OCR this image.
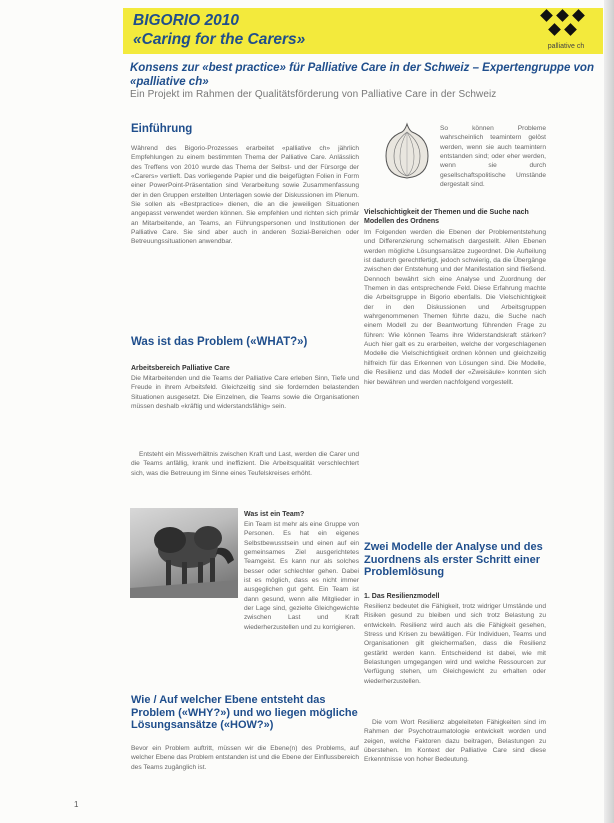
BIGORIO 2010
«Caring for the Carers»	palliative ch
Konsens zur «best practice» für Palliative Care in der Schweiz – Expertengruppe von «palliative ch»
Ein Projekt im Rahmen der Qualitätsförderung von Palliative Care in der Schweiz
Einführung
Während des Bigorio-Prozesses erarbeitet «palliative ch» jährlich Empfehlungen zu einem bestimmten Thema der Palliative Care. Anlässlich des Treffens von 2010 wurde das Thema der Selbst- und der Fürsorge der «Carers» vertieft. Das vorliegende Papier und die beigefügten Folien in Form einer PowerPoint-Präsentation sind Verarbeitung sowie Zusammenfassung der in den Gruppen erstellten Unterlagen sowie der Diskussionen im Plenum. Sie sollen als «Bestpractice» dienen, die an die jeweiligen Situationen angepasst verwendet werden können. Sie empfehlen und richten sich primär an Mitarbeitende, an Teams, an Führungspersonen und Institutionen der Palliative Care. Sie sind aber auch in anderen Sozial-Bereichen oder Betreuungssituationen anwendbar.
Was ist das Problem («WHAT?»)
Arbeitsbereich Palliative Care
Die Mitarbeitenden und die Teams der Palliative Care erleben Sinn, Tiefe und Freude in ihrem Arbeitsfeld. Gleichzeitig sind sie fordernden belastenden Situationen ausgesetzt. Die Einzelnen, die Teams sowie die Organisationen müssen deshalb «kräftig und widerstandsfähig» sein.
Entsteht ein Missverhältnis zwischen Kraft und Last, werden die Carer und die Teams anfällig, krank und ineffizient. Die Arbeitsqualität verschlechtert sich, was die Betreuung im Sinne eines Teufelskreises erhöht.
Was ist ein Team?
Ein Team ist mehr als eine Gruppe von Personen. Es hat ein eigenes Selbstbewusstsein und einen auf ein gemeinsames Ziel ausgerichtetes Teamgeist. Es kann nur als solches besser oder schlechter gehen. Dabei ist es möglich, dass es nicht immer ausgeglichen gut geht. Ein Team ist dann gesund, wenn alle Mitglieder in der Lage sind, gezielte Gleichgewichte zwischen Last und Kraft wiederherzustellen und zu korrigieren.
Wie / Auf welcher Ebene entsteht das Problem («WHY?») und wo liegen mögliche Lösungsansätze («HOW?»)
Bevor ein Problem auftritt, müssen wir die Ebene(n) des Problems, auf welcher Ebene das Problem entstanden ist und die Ebene der Einflussbereich des Teams zugänglich ist.
So können Probleme wahrscheinlich teamintern gelöst werden, wenn sie auch teamintern entstanden sind; oder eher werden, wenn sie durch gesellschaftspolitische Umstände dergestalt sind.
Vielschichtigkeit der Themen und die Suche nach Modellen des Ordnens
Im Folgenden werden die Ebenen der Problementstehung und Differenzierung schematisch dargestellt. Allen Ebenen werden mögliche Lösungsansätze zugeordnet. Die Aufteilung ist dadurch gerechtfertigt, jedoch schwierig, da die Übergänge zwischen der Entstehung und der Manifestation sind fließend. Dennoch bewährt sich eine Analyse und Zuordnung der Themen in das entsprechende Feld. Diese Erfahrung machte die Arbeitsgruppe in Bigorio ebenfalls. Die Vielschichtigkeit der in den Diskussionen und Arbeitsgruppen wahrgenommenen Themen führte dazu, die Suche nach einem Modell zu der Beantwortung führenden Frage zu führen: Wie können Teams ihre Widerstandskraft stärken? Auch hier galt es zu erarbeiten, welche der vorgeschlagenen Modelle die Vielschichtigkeit ordnen können und gleichzeitig hilfreich für das Erkennen von Lösungen sind. Die Modelle, die Resilienz und das Modell der «Zweisäule» konnten sich hier bewähren und werden nachfolgend vorgestellt.
Zwei Modelle der Analyse und des Zuordnens als erster Schritt einer Problemlösung
1. Das Resilienzmodell
Resilienz bedeutet die Fähigkeit, trotz widriger Umstände und Risiken gesund zu bleiben und sich trotz Belastung zu entwickeln. Resilienz wird auch als die Fähigkeit gesehen, Stress und Krisen zu bewältigen. Für Individuen, Teams und Organisationen gilt gleichermaßen, dass die Resilienz gestärkt werden kann. Entscheidend ist dabei, wie mit Belastungen umgegangen wird und welche Ressourcen zur Verfügung stehen, um Gleichgewicht zu erhalten oder wiederherzustellen.
Die vom Wort Resilienz abgeleiteten Fähigkeiten sind im Rahmen der Psychotraumatologie entwickelt worden und zeigen, welche Faktoren dazu beitragen, Belastungen zu überstehen. Im Kontext der Palliative Care sind diese Erkenntnisse von hoher Bedeutung.
1
